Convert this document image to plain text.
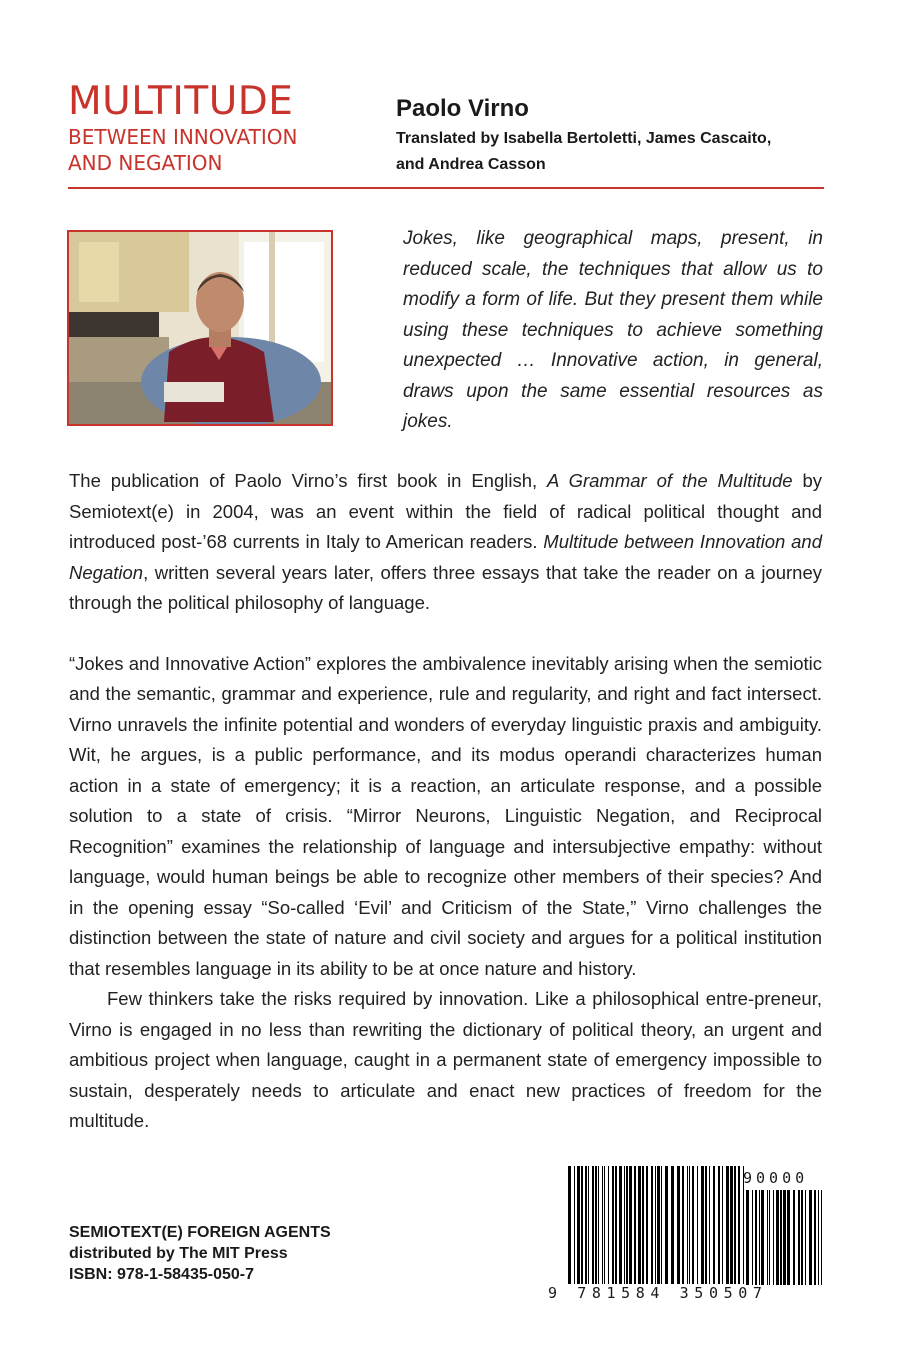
MULTITUDE
BETWEEN INNOVATION
AND NEGATION
Paolo Virno
Translated by Isabella Bertoletti, James Cascaito,
and Andrea Casson
Jokes, like geographical maps, present, in reduced scale, the techniques that allow us to modify a form of life. But they present them while using these techniques to achieve something unexpected … Innovative action, in general, draws upon the same essential resources as jokes.

The publication of Paolo Virno’s first book in English, A Grammar of the Multitude by Semiotext(e) in 2004, was an event within the field of radical political thought and introduced post-’68 currents in Italy to American readers. Multitude between Innovation and Negation, written several years later, offers three essays that take the reader on a journey through the political philosophy of language.

“Jokes and Innovative Action” explores the ambivalence inevitably arising when the semiotic and the semantic, grammar and experience, rule and regularity, and right and fact intersect. Virno unravels the infinite potential and wonders of everyday linguistic praxis and ambiguity. Wit, he argues, is a public performance, and its modus operandi characterizes human action in a state of emergency; it is a reaction, an articulate response, and a possible solution to a state of crisis. “Mirror Neurons, Linguistic Negation, and Reciprocal Recognition” examines the relationship of language and intersubjective empathy: without language, would human beings be able to recognize other members of their species? And in the opening essay “So-called ‘Evil’ and Criticism of the State,” Virno challenges the distinction between the state of nature and civil society and argues for a political institution that resembles language in its ability to be at once nature and history.

Few thinkers take the risks required by innovation. Like a philosophical entre-preneur, Virno is engaged in no less than rewriting the dictionary of political theory, an urgent and ambitious project when language, caught in a permanent state of emergency impossible to sustain, desperately needs to articulate and enact new practices of freedom for the multitude.

SEMIOTEXT(E) FOREIGN AGENTS
distributed by The MIT Press
ISBN: 978-1-58435-050-7
90000
9 781584 350507
